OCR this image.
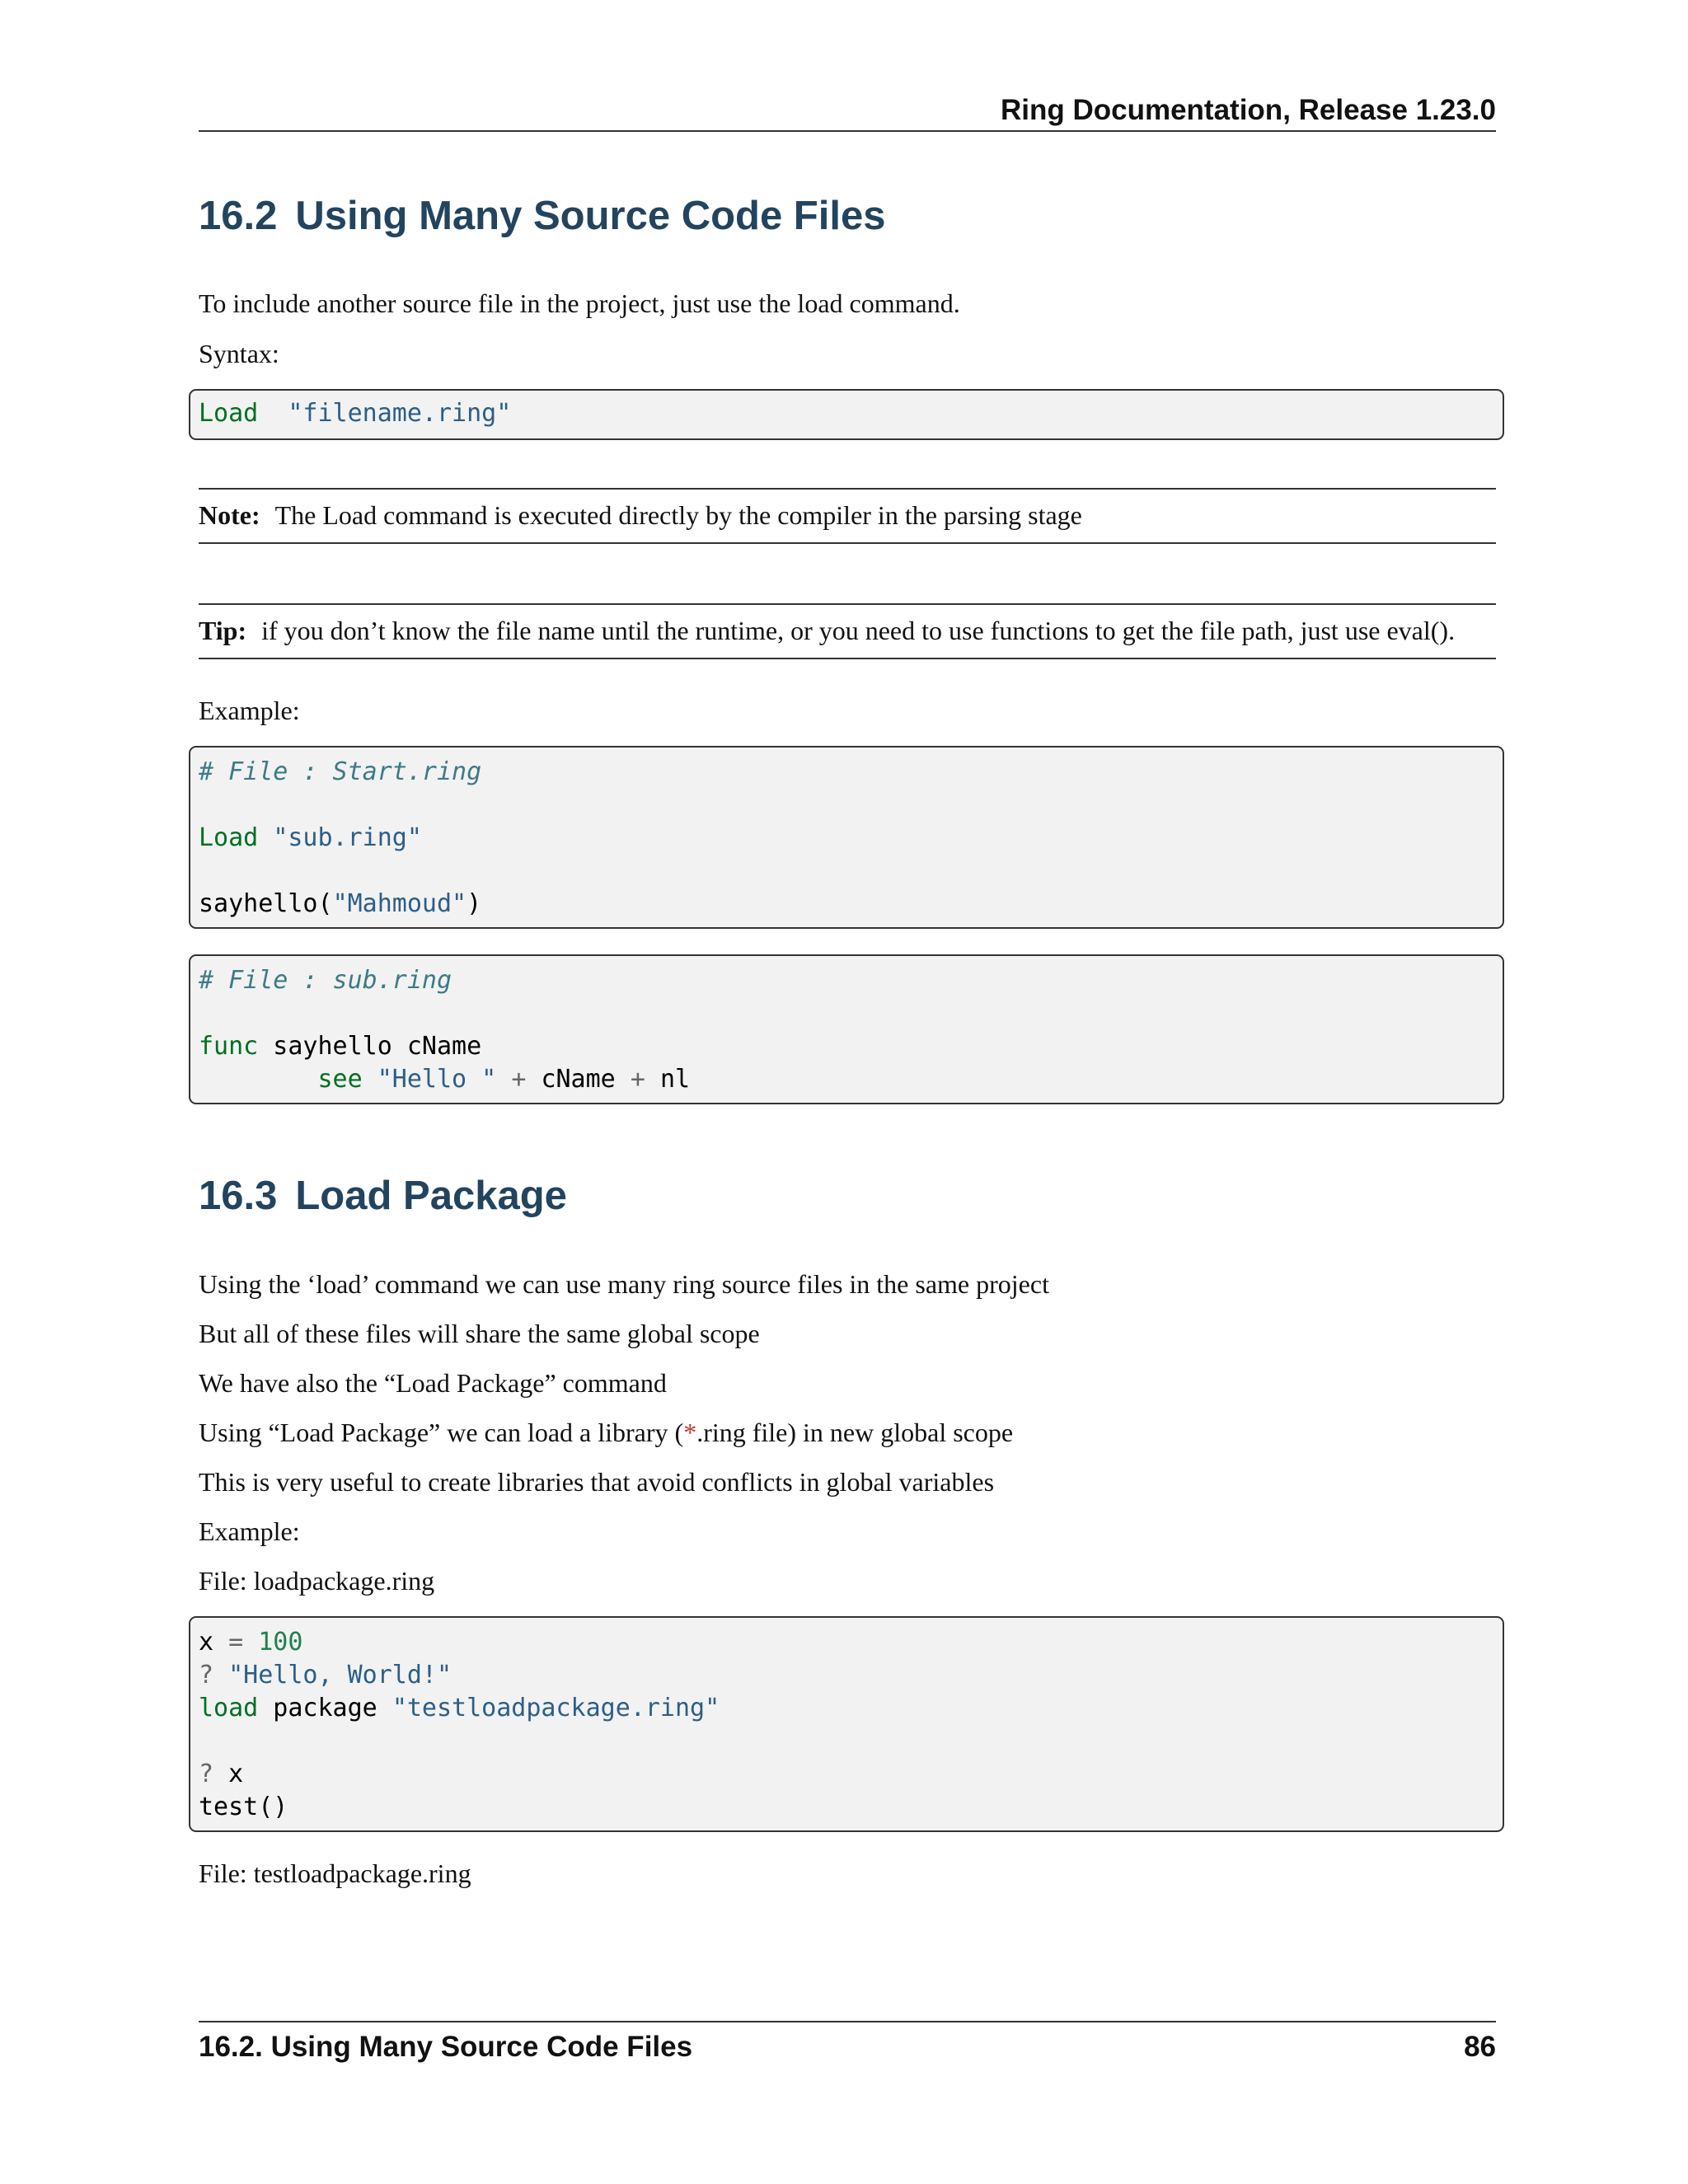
Ring Documentation, Release 1.23.0
16.2 Using Many Source Code Files
To include another source file in the project, just use the load command.
Syntax:
Load "filename.ring"
Note: The Load command is executed directly by the compiler in the parsing stage
Tip: if you don’t know the file name until the runtime, or you need to use functions to get the file path, just use eval().
Example:
# File : Start.ring
Load "sub.ring"
sayhello("Mahmoud")
# File : sub.ring
func sayhello cName
see "Hello " + cName + nl
16.3 Load Package
Using the ‘load’ command we can use many ring source files in the same project
But all of these files will share the same global scope
We have also the “Load Package” command
Using “Load Package” we can load a library (*.ring file) in new global scope
This is very useful to create libraries that avoid conflicts in global variables
Example:
File: loadpackage.ring
x = 100
? "Hello, World!"
load package "testloadpackage.ring"
? x
test()
File: testloadpackage.ring
16.2. Using Many Source Code Files	86
